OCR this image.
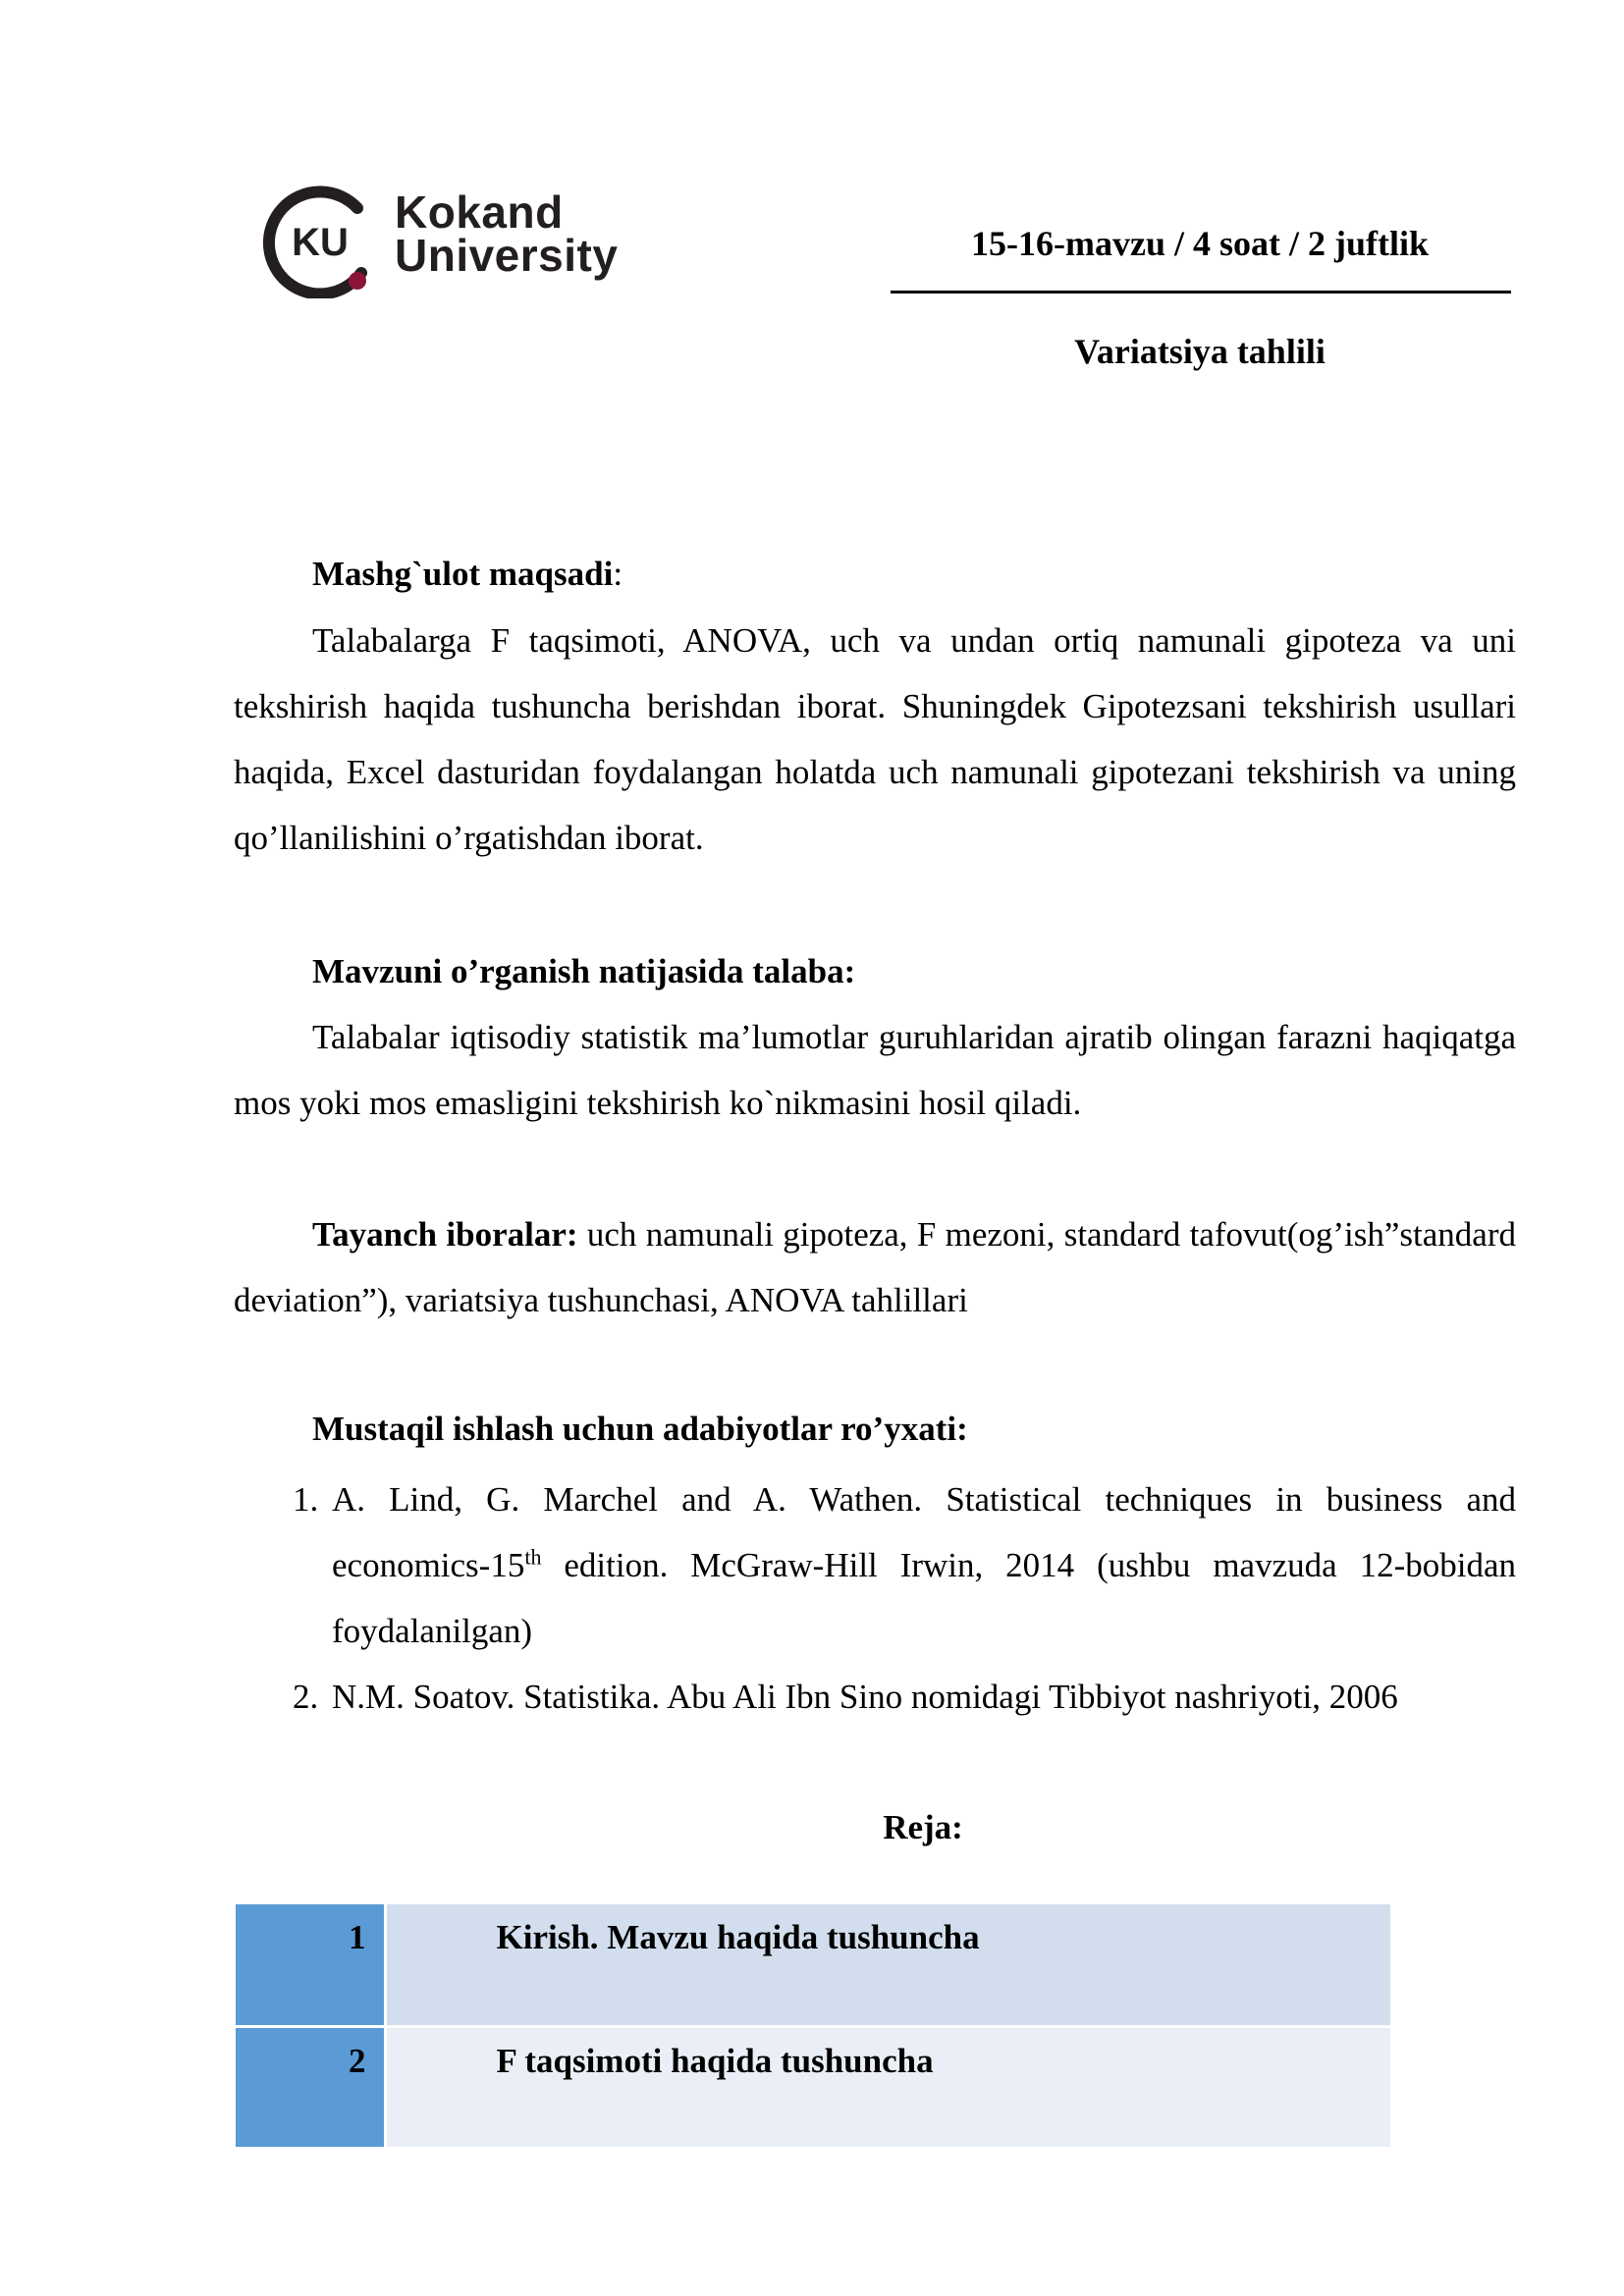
KU
Kokand
University	15-16-mavzu / 4 soat / 2 juftlik
Variatsiya tahlili
Mashg`ulot maqsadi:

Talabalarga F taqsimoti, ANOVA, uch va undan ortiq namunali gipoteza va uni tekshirish haqida tushuncha berishdan iborat. Shuningdek Gipotezsani tekshirish usullari haqida, Excel dasturidan foydalangan holatda uch namunali gipotezani tekshirish va uning qo’llanilishini o’rgatishdan iborat.

Mavzuni o’rganish natijasida talaba:

Talabalar iqtisodiy statistik ma’lumotlar guruhlaridan ajratib olingan farazni haqiqatga mos yoki mos emasligini tekshirish ko`nikmasini hosil qiladi.

Tayanch iboralar: uch namunali gipoteza, F mezoni, standard tafovut(og’ish”standard deviation”), variatsiya tushunchasi, ANOVA tahlillari

Mustaqil ishlash uchun adabiyotlar ro’yxati:
1. A. Lind, G. Marchel and A. Wathen. Statistical techniques in business and economics-15th edition. McGraw-Hill Irwin, 2014 (ushbu mavzuda 12-bobidan foydalanilgan)
2. N.M. Soatov. Statistika. Abu Ali Ibn Sino nomidagi Tibbiyot nashriyoti, 2006
Reja:
1	Kirish. Mavzu haqida tushuncha
2	F taqsimoti haqida tushuncha
